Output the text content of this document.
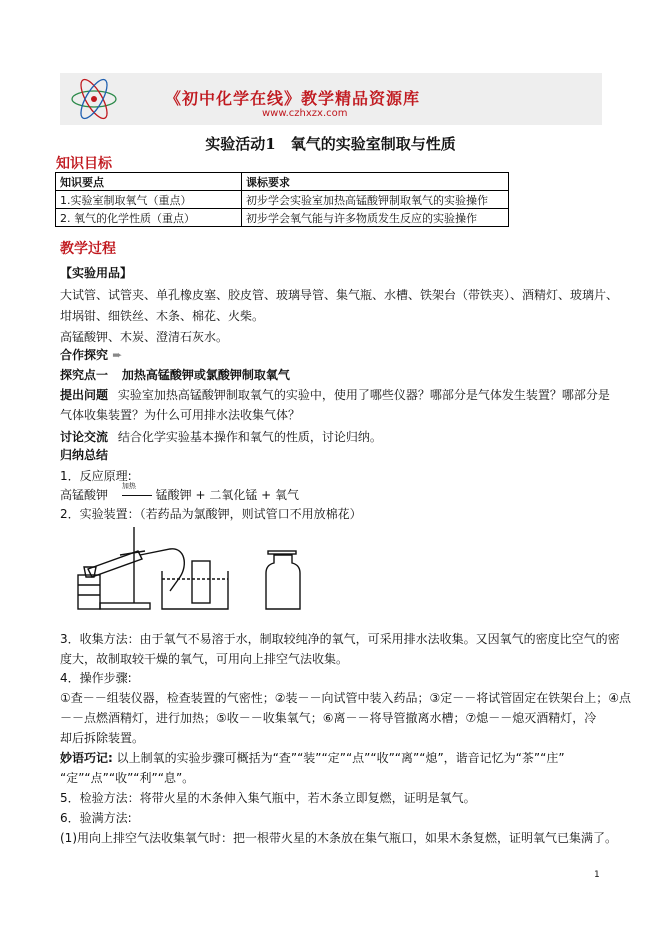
《初中化学在线》教学精品资源库
www.czhxzx.com
实验活动1　氧气的实验室制取与性质
知识目标
知识要点	课标要求
1.实验室制取氧气（重点）	初步学会实验室加热高锰酸钾制取氧气的实验操作
2. 氧气的化学性质（重点）	初步学会氧气能与许多物质发生反应的实验操作
教学过程
【实验用品】
大试管、试管夹、单孔橡皮塞、胶皮管、玻璃导管、集气瓶、水槽、铁架台（带铁夹）、酒精灯、玻璃片、
坩埚钳、细铁丝、木条、棉花、火柴。
高锰酸钾、木炭、澄清石灰水。
合作探究 ➨
探究点一 加热高锰酸钾或氯酸钾制取氧气
提出问题 实验室加热高锰酸钾制取氧气的实验中，使用了哪些仪器？哪部分是气体发生装置？哪部分是
气体收集装置？为什么可用排水法收集气体？
讨论交流 结合化学实验基本操作和氧气的性质，讨论归纳。
归纳总结
1．反应原理:
高锰酸钾
加热
锰酸钾 + 二氧化锰 + 氧气
2．实验装置：（若药品为氯酸钾，则试管口不用放棉花）
3．收集方法：由于氧气不易溶于水，制取较纯净的氧气，可采用排水法收集。又因氧气的密度比空气的密
度大，故制取较干燥的氧气，可用向上排空气法收集。
4．操作步骤:
①查－－组装仪器，检查装置的气密性；②装－－向试管中装入药品；③定－－将试管固定在铁架台上；④点
－－点燃酒精灯，进行加热；⑤收－－收集氧气；⑥离－－将导管撤离水槽；⑦熄－－熄灭酒精灯，冷
却后拆除装置。
妙语巧记: 以上制氧的实验步骤可概括为“查”“装”“定”“点”“收”“离”“熄”，谐音记忆为“茶”“庄”
“定”“点”“收”“利”“息”。
5．检验方法：将带火星的木条伸入集气瓶中，若木条立即复燃，证明是氧气。
6．验满方法:
(1)用向上排空气法收集氧气时：把一根带火星的木条放在集气瓶口，如果木条复燃，证明氧气已集满了。
1
